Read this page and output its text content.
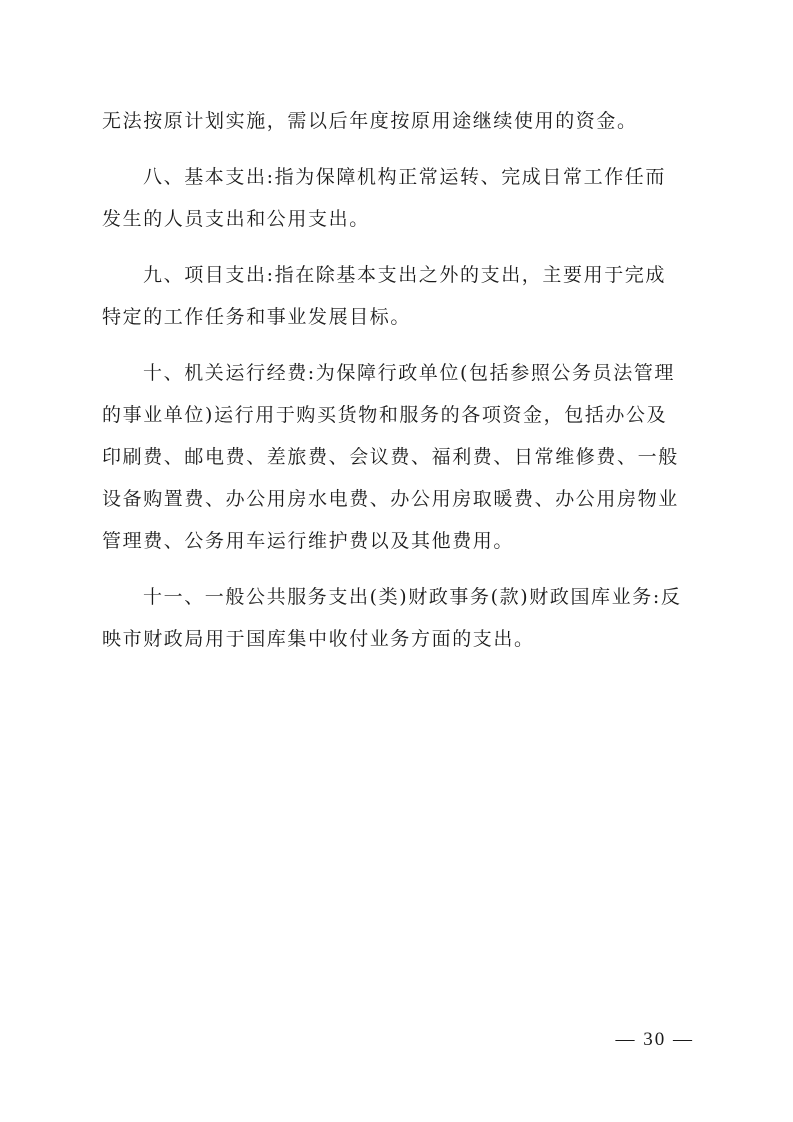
无法按原计划实施，需以后年度按原用途继续使用的资金。
八、基本支出:指为保障机构正常运转、完成日常工作任而
发生的人员支出和公用支出。
九、项目支出:指在除基本支出之外的支出，主要用于完成
特定的工作任务和事业发展目标。
十、机关运行经费:为保障行政单位(包括参照公务员法管理
的事业单位)运行用于购买货物和服务的各项资金，包括办公及
印刷费、邮电费、差旅费、会议费、福利费、日常维修费、一般
设备购置费、办公用房水电费、办公用房取暖费、办公用房物业
管理费、公务用车运行维护费以及其他费用。
十一、一般公共服务支出(类)财政事务(款)财政国库业务:反
映市财政局用于国库集中收付业务方面的支出。
— 30 —
